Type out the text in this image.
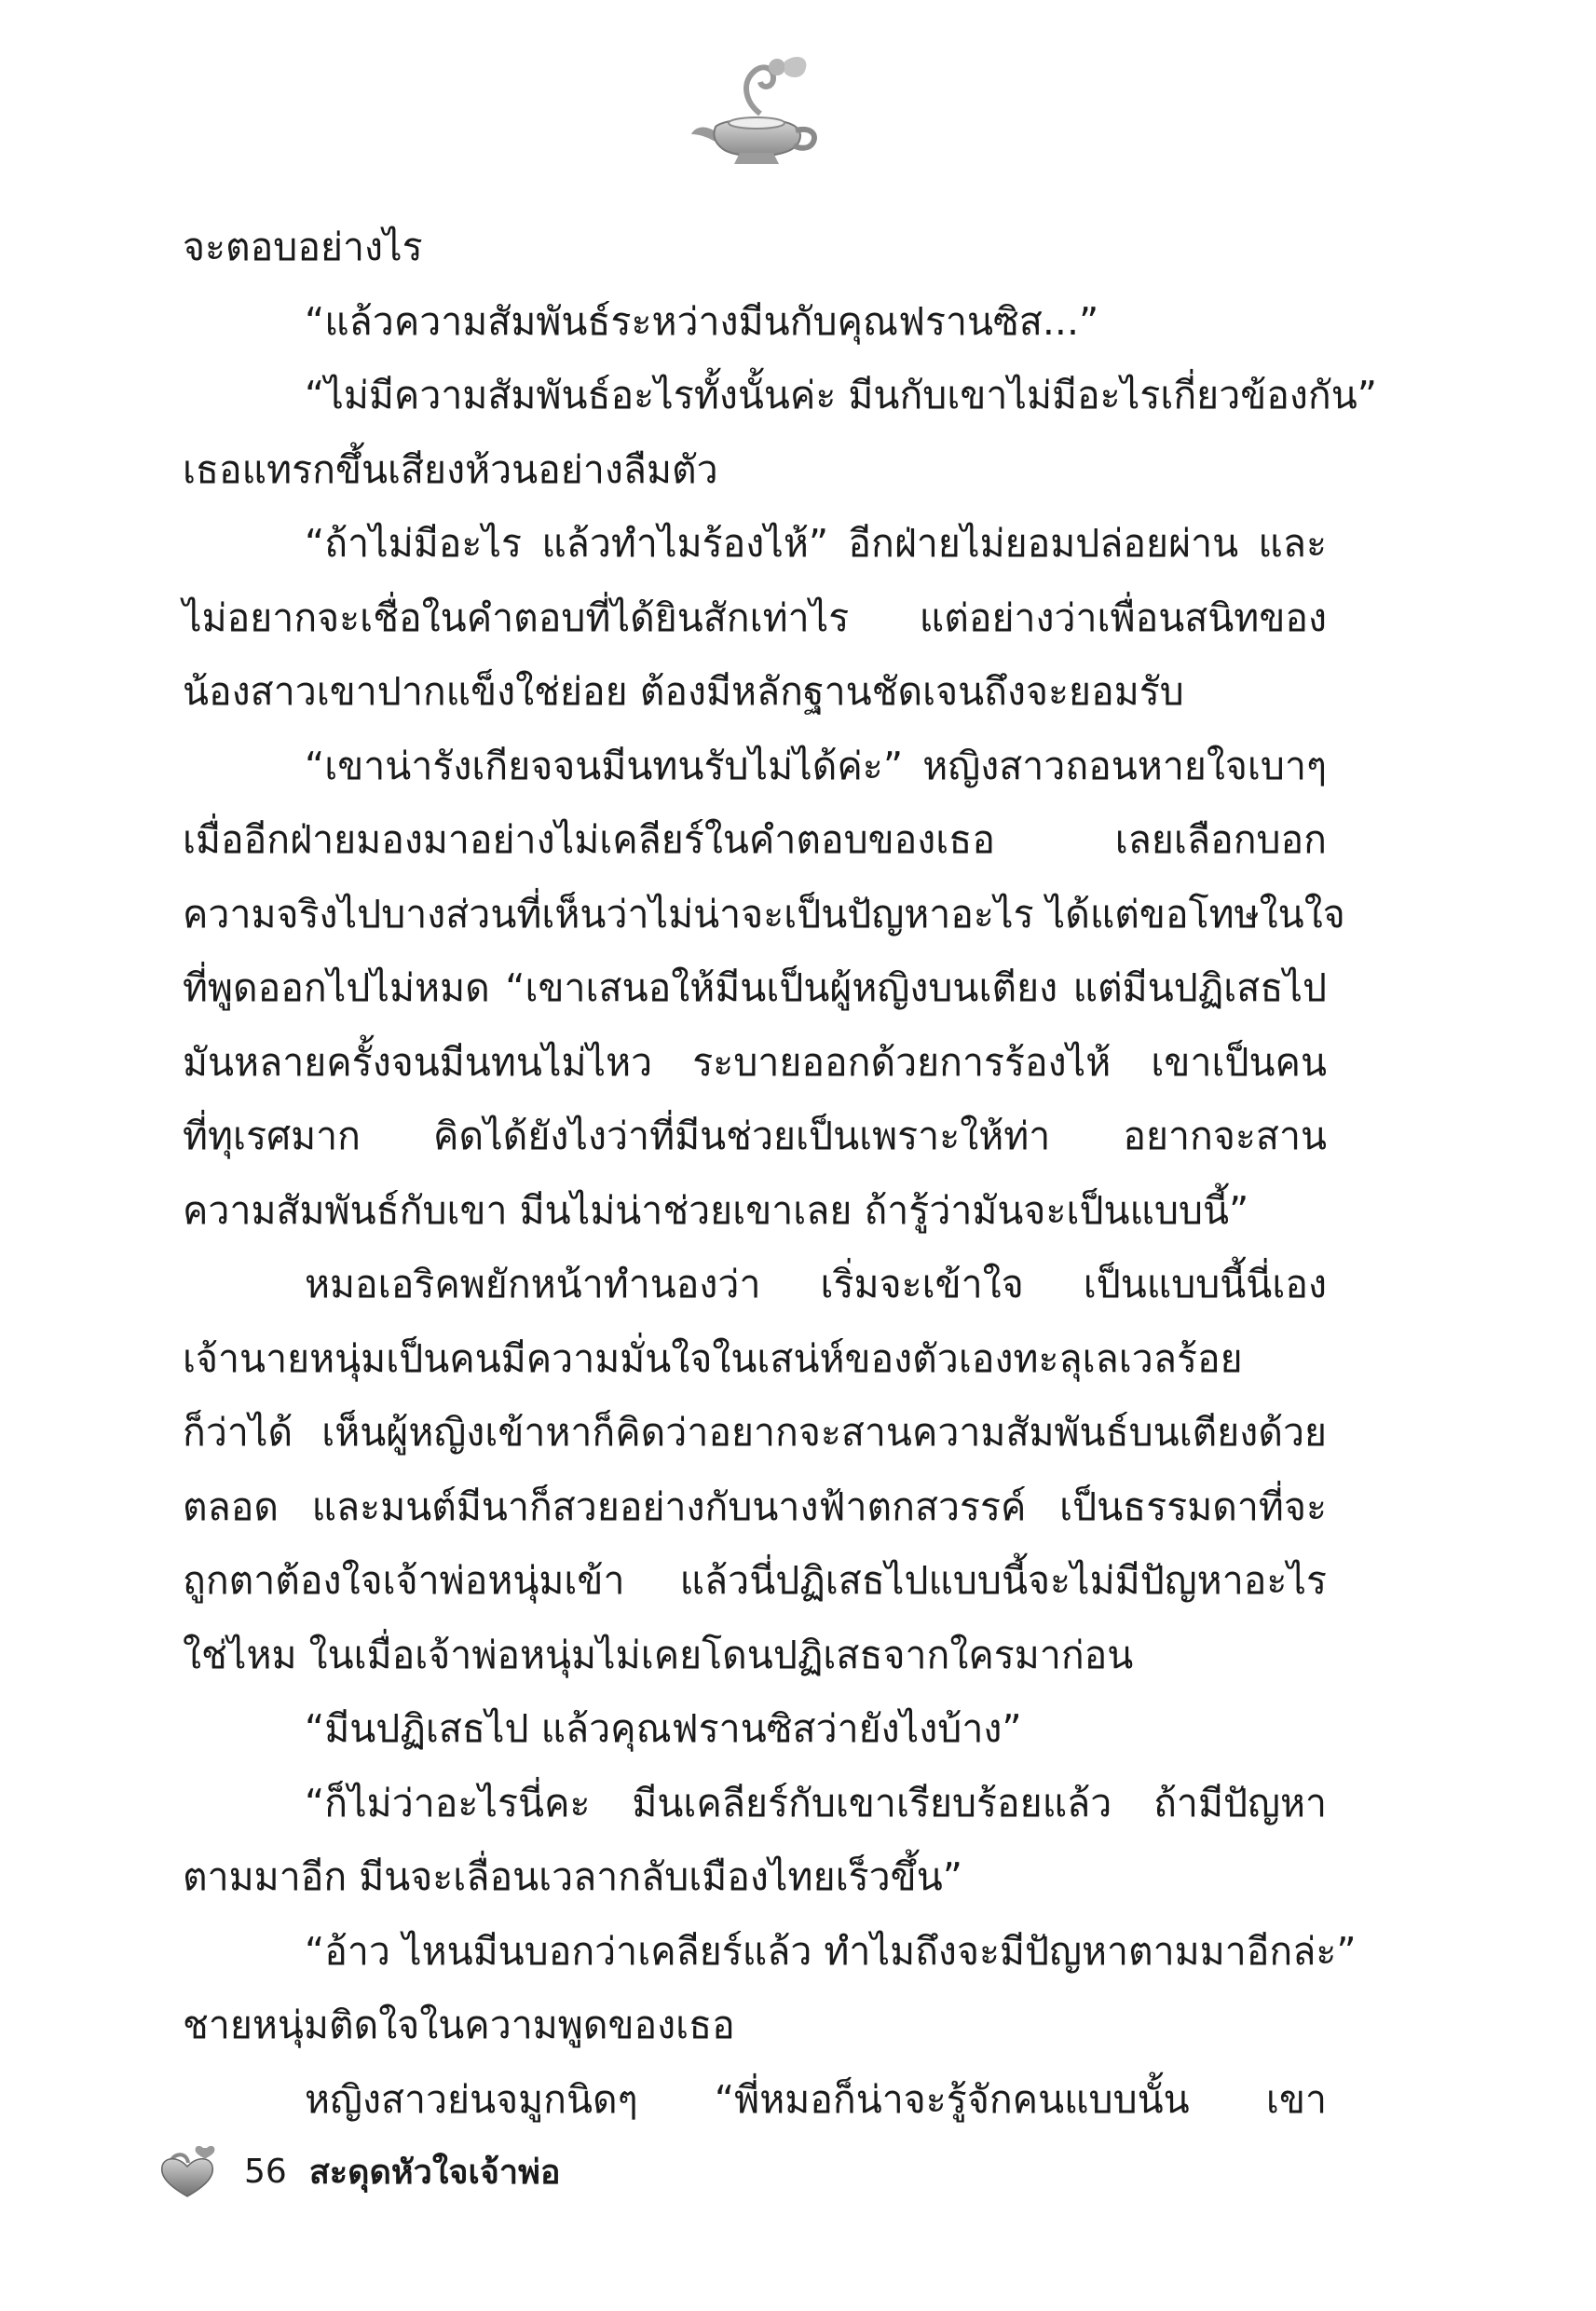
จะตอบอย่างไร
“แล้วความสัมพันธ์ระหว่างมีนกับคุณฟรานซิส...”
“ไม่มีความสัมพันธ์อะไรทั้งนั้นค่ะ มีนกับเขาไม่มีอะไรเกี่ยวข้องกัน”
เธอแทรกขึ้นเสียงห้วนอย่างลืมตัว
“ถ้าไม่มีอะไร แล้วทำไมร้องไห้” อีกฝ่ายไม่ยอมปล่อยผ่าน และ
ไม่อยากจะเชื่อในคำตอบที่ได้ยินสักเท่าไร แต่อย่างว่าเพื่อนสนิทของ
น้องสาวเขาปากแข็งใช่ย่อย ต้องมีหลักฐานชัดเจนถึงจะยอมรับ
“เขาน่ารังเกียจจนมีนทนรับไม่ได้ค่ะ” หญิงสาวถอนหายใจเบาๆ
เมื่ออีกฝ่ายมองมาอย่างไม่เคลียร์ในคำตอบของเธอ เลยเลือกบอก
ความจริงไปบางส่วนที่เห็นว่าไม่น่าจะเป็นปัญหาอะไร ได้แต่ขอโทษในใจ
ที่พูดออกไปไม่หมด “เขาเสนอให้มีนเป็นผู้หญิงบนเตียง แต่มีนปฏิเสธไป
มันหลายครั้งจนมีนทนไม่ไหว ระบายออกด้วยการร้องไห้ เขาเป็นคน
ที่ทุเรศมาก คิดได้ยังไงว่าที่มีนช่วยเป็นเพราะให้ท่า อยากจะสาน
ความสัมพันธ์กับเขา มีนไม่น่าช่วยเขาเลย ถ้ารู้ว่ามันจะเป็นแบบนี้”
หมอเอริคพยักหน้าทำนองว่า เริ่มจะเข้าใจ เป็นแบบนี้นี่เอง
เจ้านายหนุ่มเป็นคนมีความมั่นใจในเสน่ห์ของตัวเองทะลุเลเวลร้อย
ก็ว่าได้ เห็นผู้หญิงเข้าหาก็คิดว่าอยากจะสานความสัมพันธ์บนเตียงด้วย
ตลอด และมนต์มีนาก็สวยอย่างกับนางฟ้าตกสวรรค์ เป็นธรรมดาที่จะ
ถูกตาต้องใจเจ้าพ่อหนุ่มเข้า แล้วนี่ปฏิเสธไปแบบนี้จะไม่มีปัญหาอะไร
ใช่ไหม ในเมื่อเจ้าพ่อหนุ่มไม่เคยโดนปฏิเสธจากใครมาก่อน
“มีนปฏิเสธไป แล้วคุณฟรานซิสว่ายังไงบ้าง”
“ก็ไม่ว่าอะไรนี่คะ มีนเคลียร์กับเขาเรียบร้อยแล้ว ถ้ามีปัญหา
ตามมาอีก มีนจะเลื่อนเวลากลับเมืองไทยเร็วขึ้น”
“อ้าว ไหนมีนบอกว่าเคลียร์แล้ว ทำไมถึงจะมีปัญหาตามมาอีกล่ะ”
ชายหนุ่มติดใจในความพูดของเธอ
หญิงสาวย่นจมูกนิดๆ “พี่หมอก็น่าจะรู้จักคนแบบนั้น เขา
56 สะดุดหัวใจเจ้าพ่อ
